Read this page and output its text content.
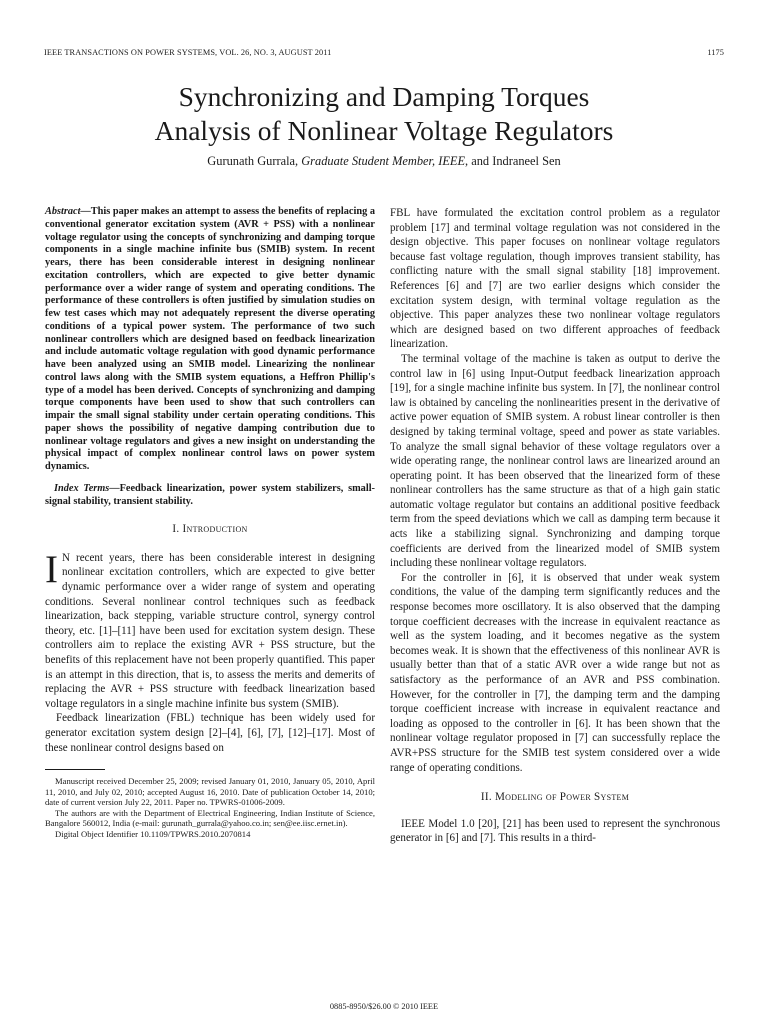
IEEE TRANSACTIONS ON POWER SYSTEMS, VOL. 26, NO. 3, AUGUST 2011	1175
Synchronizing and Damping Torques
Analysis of Nonlinear Voltage Regulators
Gurunath Gurrala, Graduate Student Member, IEEE, and Indraneel Sen

Abstract—This paper makes an attempt to assess the benefits of replacing a conventional generator excitation system (AVR + PSS) with a nonlinear voltage regulator using the concepts of synchronizing and damping torque components in a single machine infinite bus (SMIB) system. In recent years, there has been considerable interest in designing nonlinear excitation controllers, which are expected to give better dynamic performance over a wider range of system and operating conditions. The performance of these controllers is often justified by simulation studies on few test cases which may not adequately represent the diverse operating conditions of a typical power system. The performance of two such nonlinear controllers which are designed based on feedback linearization and include automatic voltage regulation with good dynamic performance have been analyzed using an SMIB model. Linearizing the nonlinear control laws along with the SMIB system equations, a Heffron Phillip's type of a model has been derived. Concepts of synchronizing and damping torque components have been used to show that such controllers can impair the small signal stability under certain operating conditions. This paper shows the possibility of negative damping contribution due to nonlinear voltage regulators and gives a new insight on understanding the physical impact of complex nonlinear control laws on power system dynamics.

Index Terms—Feedback linearization, power system stabilizers, small-signal stability, transient stability.

I. Introduction

I N recent years, there has been considerable interest in designing nonlinear excitation controllers, which are expected to give better dynamic performance over a wider range of system and operating conditions. Several nonlinear control techniques such as feedback linearization, back stepping, variable structure control, synergy control theory, etc. [1]–[11] have been used for excitation system design. These controllers aim to replace the existing AVR + PSS structure, but the benefits of this replacement have not been properly quantified. This paper is an attempt in this direction, that is, to assess the merits and demerits of replacing the AVR + PSS structure with feedback linearization based voltage regulators in a single machine infinite bus system (SMIB).

Feedback linearization (FBL) technique has been widely used for generator excitation system design [2]–[4], [6], [7], [12]–[17]. Most of these nonlinear control designs based on

Manuscript received December 25, 2009; revised January 01, 2010, January 05, 2010, April 11, 2010, and July 02, 2010; accepted August 16, 2010. Date of publication October 14, 2010; date of current version July 22, 2011. Paper no. TPWRS-01006-2009.

The authors are with the Department of Electrical Engineering, Indian Institute of Science, Bangalore 560012, India (e-mail: gurunath_gurrala@yahoo.co.in; sen@ee.iisc.ernet.in).

Digital Object Identifier 10.1109/TPWRS.2010.2070814

FBL have formulated the excitation control problem as a regulator problem [17] and terminal voltage regulation was not considered in the design objective. This paper focuses on nonlinear voltage regulators because fast voltage regulation, though improves transient stability, has conflicting nature with the small signal stability [18] improvement. References [6] and [7] are two earlier designs which consider the excitation system design, with terminal voltage regulation as the objective. This paper analyzes these two nonlinear voltage regulators which are designed based on two different approaches of feedback linearization.

The terminal voltage of the machine is taken as output to derive the control law in [6] using Input-Output feedback linearization approach [19], for a single machine infinite bus system. In [7], the nonlinear control law is obtained by canceling the nonlinearities present in the derivative of active power equation of SMIB system. A robust linear controller is then designed by taking terminal voltage, speed and power as state variables. To analyze the small signal behavior of these voltage regulators over a wide operating range, the nonlinear control laws are linearized around an operating point. It has been observed that the linearized form of these nonlinear controllers has the same structure as that of a high gain static automatic voltage regulator but contains an additional positive feedback term from the speed deviations which we call as damping term because it acts like a stabilizing signal. Synchronizing and damping torque coefficients are derived from the linearized model of SMIB system including these nonlinear voltage regulators.

For the controller in [6], it is observed that under weak system conditions, the value of the damping term significantly reduces and the response becomes more oscillatory. It is also observed that the damping torque coefficient decreases with the increase in equivalent reactance as well as the system loading, and it becomes negative as the system becomes weak. It is shown that the effectiveness of this nonlinear AVR is usually better than that of a static AVR over a wide range but not as satisfactory as the performance of an AVR and PSS combination. However, for the controller in [7], the damping term and the damping torque coefficient increase with increase in equivalent reactance and loading as opposed to the controller in [6]. It has been shown that the nonlinear voltage regulator proposed in [7] can successfully replace the AVR+PSS structure for the SMIB test system considered over a wide range of operating conditions.

II. Modeling of Power System

IEEE Model 1.0 [20], [21] has been used to represent the synchronous generator in [6] and [7]. This results in a third-

0885-8950/$26.00 © 2010 IEEE
